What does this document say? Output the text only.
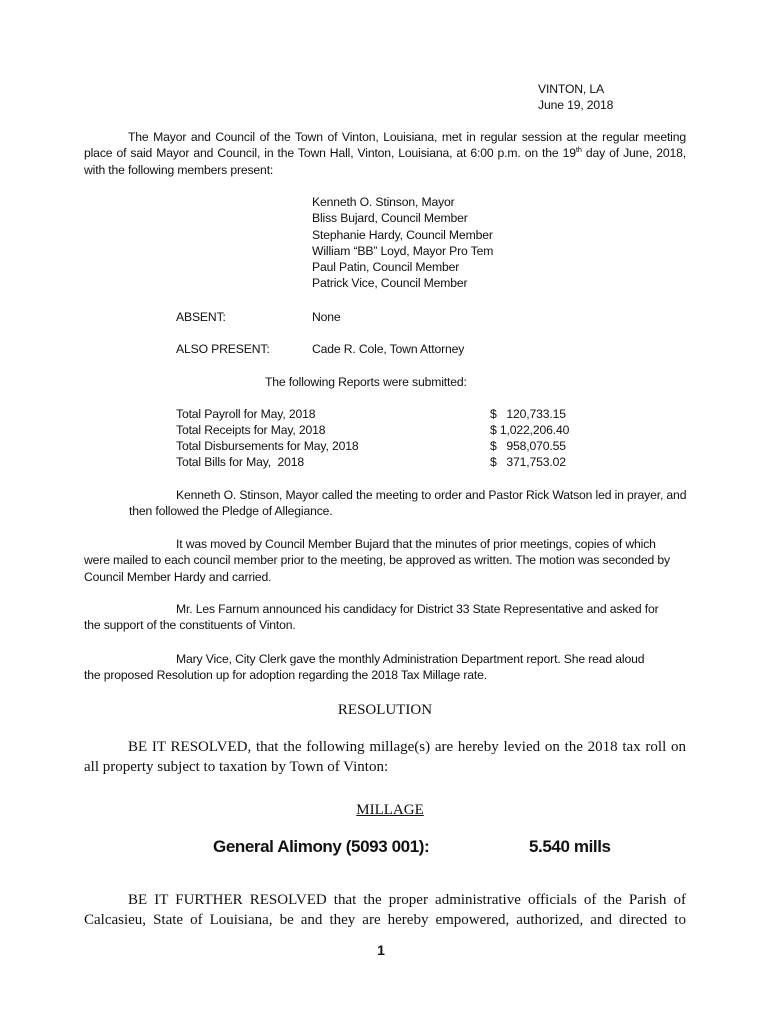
VINTON, LA
June 19, 2018
The Mayor and Council of the Town of Vinton, Louisiana, met in regular session at the regular meeting place of said Mayor and Council, in the Town Hall, Vinton, Louisiana, at 6:00 p.m. on the 19th day of June, 2018, with the following members present:
Kenneth O. Stinson, Mayor
Bliss Bujard, Council Member
Stephanie Hardy, Council Member
William “BB” Loyd, Mayor Pro Tem
Paul Patin, Council Member
Patrick Vice, Council Member
ABSENT:	None
ALSO PRESENT:	Cade R. Cole, Town Attorney
The following Reports were submitted:
Total Payroll for May, 2018	$   120,733.15
Total Receipts for May, 2018	$ 1,022,206.40
Total Disbursements for May, 2018	$   958,070.55
Total Bills for May,  2018	$   371,753.02
Kenneth O. Stinson, Mayor called the meeting to order and Pastor Rick Watson led in prayer, and
then followed the Pledge of Allegiance.
It was moved by Council Member Bujard that the minutes of prior meetings, copies of which were mailed to each council member prior to the meeting, be approved as written. The motion was seconded by Council Member Hardy and carried.
Mr. Les Farnum announced his candidacy for District 33 State Representative and asked for the support of the constituents of Vinton.
Mary Vice, City Clerk gave the monthly Administration Department report. She read aloud the proposed Resolution up for adoption regarding the 2018 Tax Millage rate.
RESOLUTION
BE IT RESOLVED, that the following millage(s) are hereby levied on the 2018 tax roll on all property subject to taxation by Town of Vinton:
MILLAGE
General Alimony (5093 001):	5.540 mills
BE IT FURTHER RESOLVED that the proper administrative officials of the Parish of Calcasieu, State of Louisiana, be and they are hereby empowered, authorized, and directed to
1
